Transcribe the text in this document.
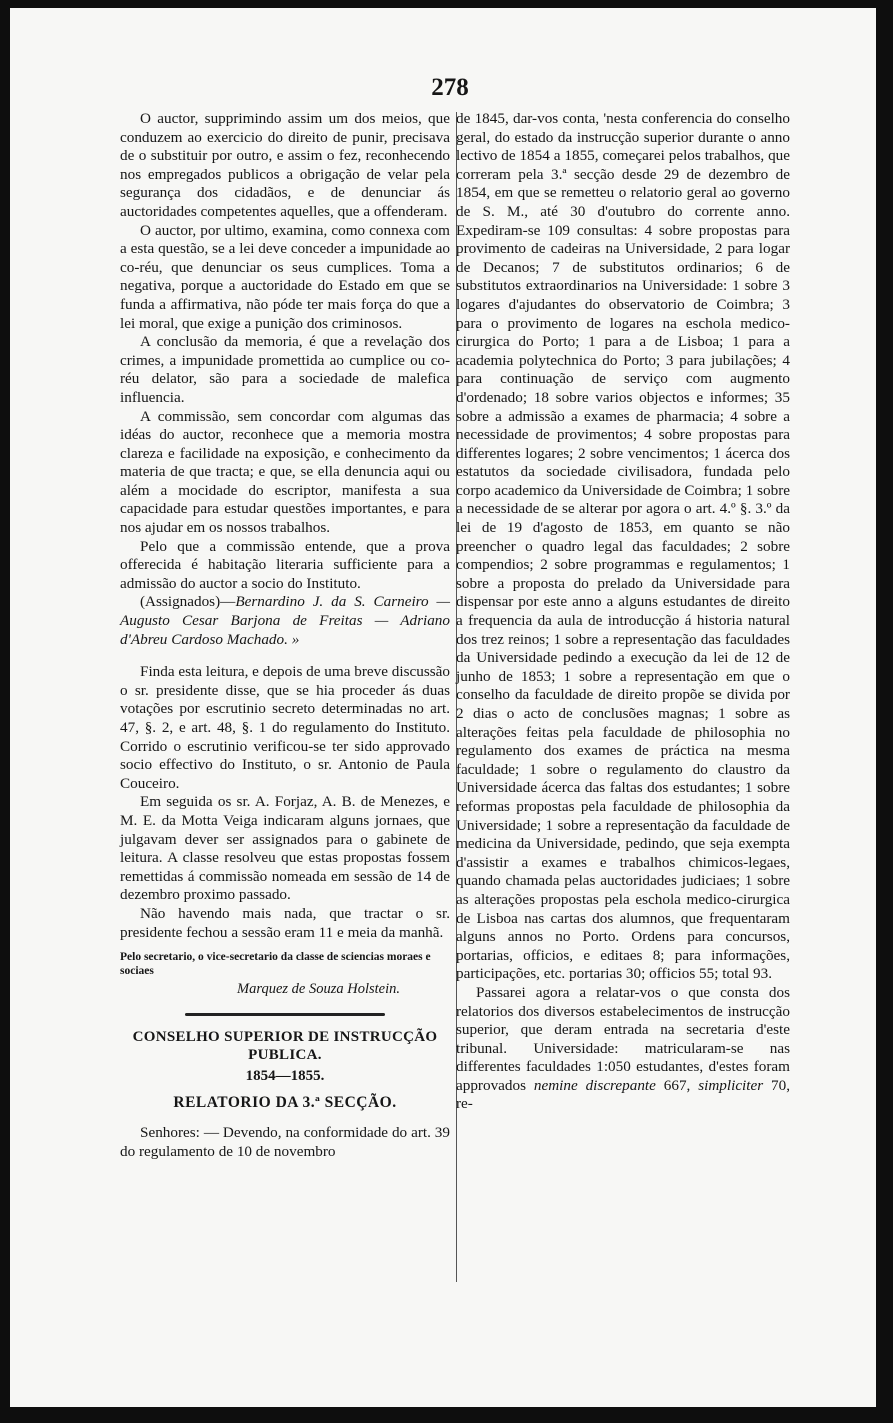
278

O auctor, supprimindo assim um dos meios, que conduzem ao exercicio do direito de punir, precisava de o substituir por outro, e assim o fez, reconhecendo nos empregados publicos a obrigação de velar pela segurança dos cidadãos, e de denunciar ás auctoridades competentes aquelles, que a offenderam.

O auctor, por ultimo, examina, como connexa com a esta questão, se a lei deve conceder a impunidade ao co-réu, que denunciar os seus cumplices. Toma a negativa, porque a auctoridade do Estado em que se funda a affirmativa, não póde ter mais força do que a lei moral, que exige a punição dos criminosos.

A conclusão da memoria, é que a revelação dos crimes, a impunidade promettida ao cumplice ou co-réu delator, são para a sociedade de malefica influencia.

A commissão, sem concordar com algumas das idéas do auctor, reconhece que a memoria mostra clareza e facilidade na exposição, e conhecimento da materia de que tracta; e que, se ella denuncia aqui ou além a mocidade do escriptor, manifesta a sua capacidade para estudar questões importantes, e para nos ajudar em os nossos trabalhos.

Pelo que a commissão entende, que a prova offerecida é habitação literaria sufficiente para a admissão do auctor a socio do Instituto.

(Assignados)—Bernardino J. da S. Carneiro — Augusto Cesar Barjona de Freitas — Adriano d'Abreu Cardoso Machado. »

Finda esta leitura, e depois de uma breve discussão o sr. presidente disse, que se hia proceder ás duas votações por escrutinio secreto determinadas no art. 47, §. 2, e art. 48, §. 1 do regulamento do Instituto. Corrido o escrutinio verificou-se ter sido approvado socio effectivo do Instituto, o sr. Antonio de Paula Couceiro.

Em seguida os sr. A. Forjaz, A. B. de Menezes, e M. E. da Motta Veiga indicaram alguns jornaes, que julgavam dever ser assignados para o gabinete de leitura. A classe resolveu que estas propostas fossem remettidas á commissão nomeada em sessão de 14 de dezembro proximo passado.

Não havendo mais nada, que tractar o sr. presidente fechou a sessão eram 11 e meia da manhã.

Pelo secretario, o vice-secretario da classe de sciencias moraes e sociaes

Marquez de Souza Holstein.

CONSELHO SUPERIOR DE INSTRUCÇÃO PUBLICA.

1854—1855.

RELATORIO DA 3.ª SECÇÃO.

Senhores: — Devendo, na conformidade do art. 39 do regulamento de 10 de novembro

de 1845, dar-vos conta, 'nesta conferencia do conselho geral, do estado da instrucção superior durante o anno lectivo de 1854 a 1855, começarei pelos trabalhos, que correram pela 3.ª secção desde 29 de dezembro de 1854, em que se remetteu o relatorio geral ao governo de S. M., até 30 d'outubro do corrente anno. Expediram-se 109 consultas: 4 sobre propostas para provimento de cadeiras na Universidade, 2 para logar de Decanos; 7 de substitutos ordinarios; 6 de substitutos extraordinarios na Universidade: 1 sobre 3 logares d'ajudantes do observatorio de Coimbra; 3 para o provimento de logares na eschola medico-cirurgica do Porto; 1 para a de Lisboa; 1 para a academia polytechnica do Porto; 3 para jubilações; 4 para continuação de serviço com augmento d'ordenado; 18 sobre varios objectos e informes; 35 sobre a admissão a exames de pharmacia; 4 sobre a necessidade de provimentos; 4 sobre propostas para differentes logares; 2 sobre vencimentos; 1 ácerca dos estatutos da sociedade civilisadora, fundada pelo corpo academico da Universidade de Coimbra; 1 sobre a necessidade de se alterar por agora o art. 4.º §. 3.º da lei de 19 d'agosto de 1853, em quanto se não preencher o quadro legal das faculdades; 2 sobre compendios; 2 sobre programmas e regulamentos; 1 sobre a proposta do prelado da Universidade para dispensar por este anno a alguns estudantes de direito a frequencia da aula de introducção á historia natural dos trez reinos; 1 sobre a representação das faculdades da Universidade pedindo a execução da lei de 12 de junho de 1853; 1 sobre a representação em que o conselho da faculdade de direito propõe se divida por 2 dias o acto de conclusões magnas; 1 sobre as alterações feitas pela faculdade de philosophia no regulamento dos exames de práctica na mesma faculdade; 1 sobre o regulamento do claustro da Universidade ácerca das faltas dos estudantes; 1 sobre reformas propostas pela faculdade de philosophia da Universidade; 1 sobre a representação da faculdade de medicina da Universidade, pedindo, que seja exempta d'assistir a exames e trabalhos chimicos-legaes, quando chamada pelas auctoridades judiciaes; 1 sobre as alterações propostas pela eschola medico-cirurgica de Lisboa nas cartas dos alumnos, que frequentaram alguns annos no Porto. Ordens para concursos, portarias, officios, e editaes 8; para informações, participações, etc. portarias 30; officios 55; total 93.

Passarei agora a relatar-vos o que consta dos relatorios dos diversos estabelecimentos de instrucção superior, que deram entrada na secretaria d'este tribunal. Universidade: matricularam-se nas differentes faculdades 1:050 estudantes, d'estes foram approvados nemine discrepante 667, simpliciter 70, re-
